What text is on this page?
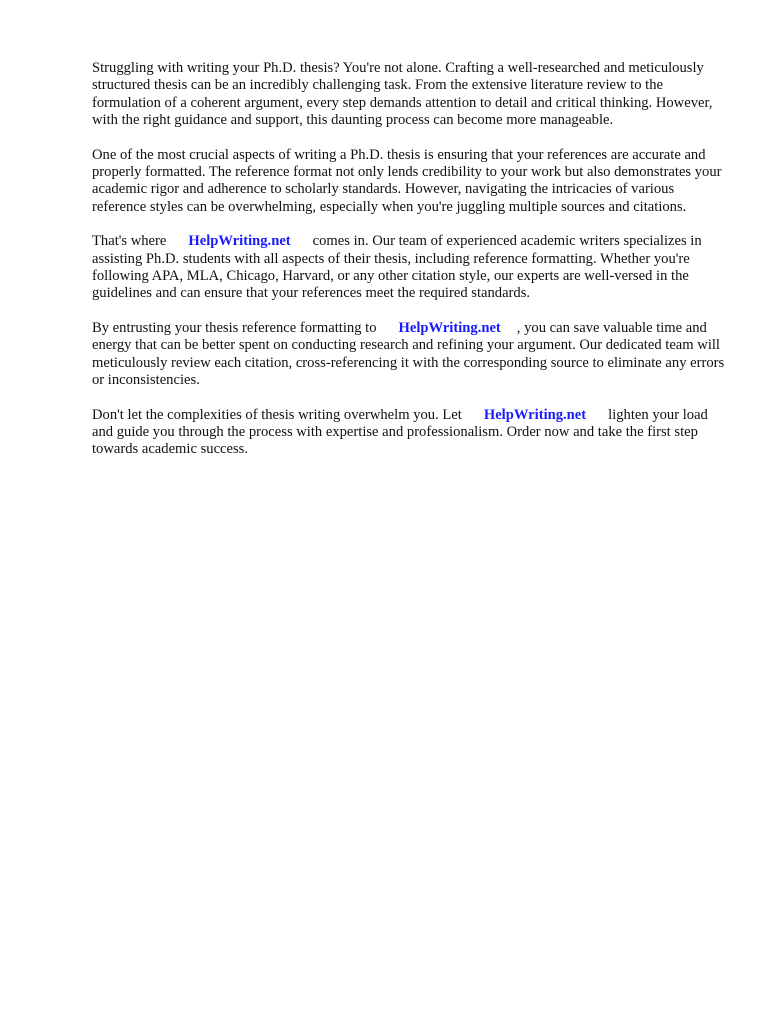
Struggling with writing your Ph.D. thesis? You're not alone. Crafting a well-researched and meticulously structured thesis can be an incredibly challenging task. From the extensive literature review to the formulation of a coherent argument, every step demands attention to detail and critical thinking. However, with the right guidance and support, this daunting process can become more manageable.

One of the most crucial aspects of writing a Ph.D. thesis is ensuring that your references are accurate and properly formatted. The reference format not only lends credibility to your work but also demonstrates your academic rigor and adherence to scholarly standards. However, navigating the intricacies of various reference styles can be overwhelming, especially when you're juggling multiple sources and citations.

That's where HelpWriting.net comes in. Our team of experienced academic writers specializes in assisting Ph.D. students with all aspects of their thesis, including reference formatting. Whether you're following APA, MLA, Chicago, Harvard, or any other citation style, our experts are well-versed in the guidelines and can ensure that your references meet the required standards.

By entrusting your thesis reference formatting to HelpWriting.net , you can save valuable time and energy that can be better spent on conducting research and refining your argument. Our dedicated team will meticulously review each citation, cross-referencing it with the corresponding source to eliminate any errors or inconsistencies.

Don't let the complexities of thesis writing overwhelm you. Let HelpWriting.net lighten your load and guide you through the process with expertise and professionalism. Order now and take the first step towards academic success.
